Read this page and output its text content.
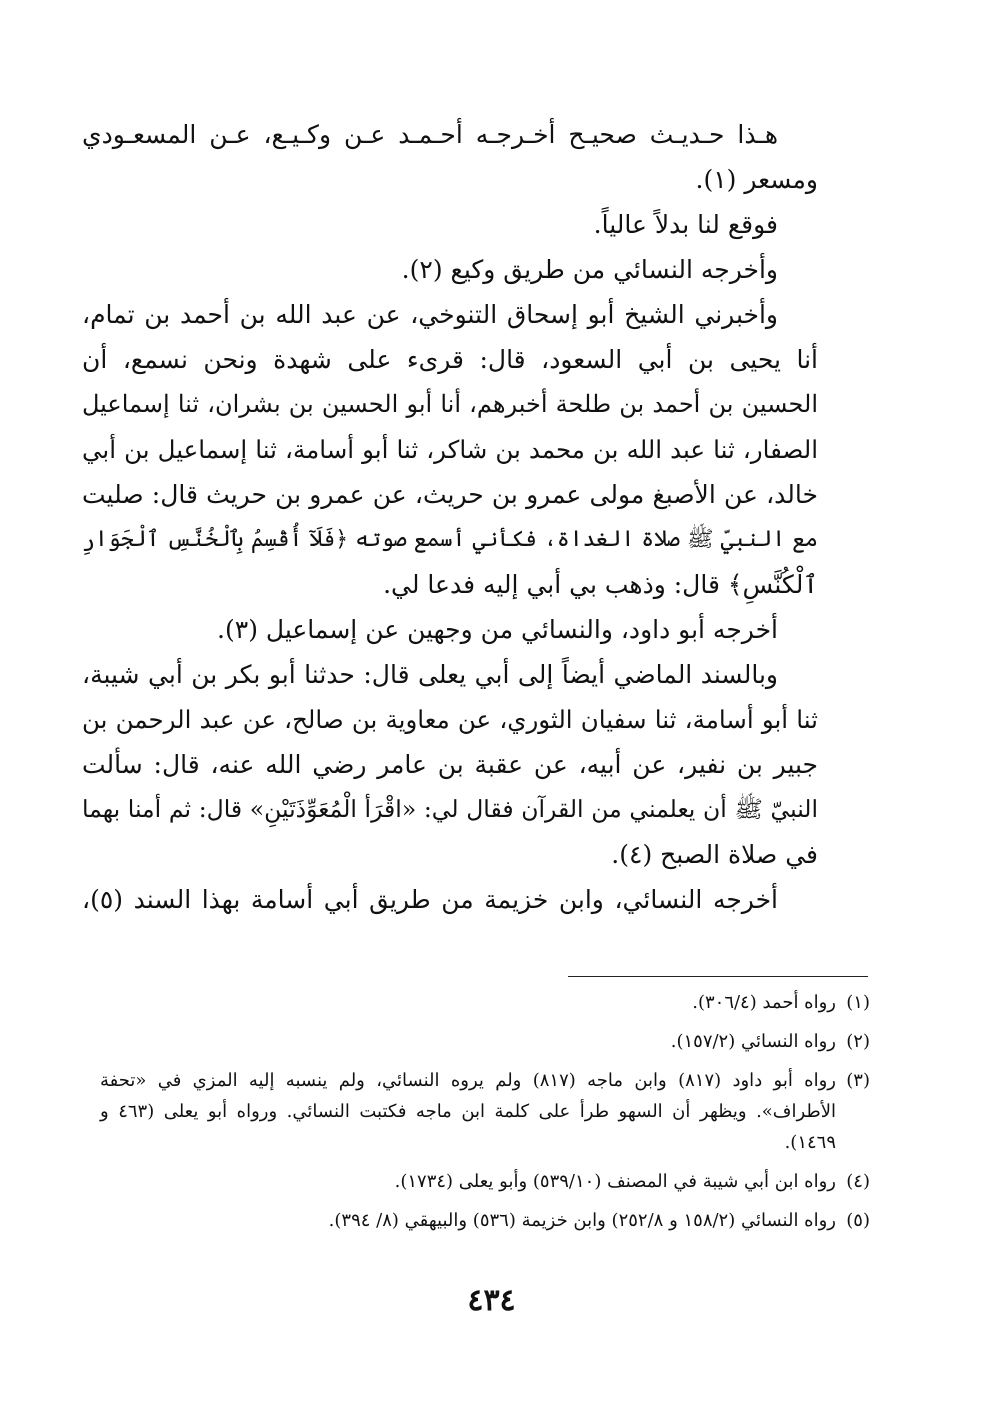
هـذا حـديـث صحيـح أخـرجـه أحـمـد عـن وكـيـع، عـن المسعـودي
ومسعر (١).
فوقع لنا بدلاً عالياً.
وأخرجه النسائي من طريق وكيع (٢).
وأخبرني الشيخ أبو إسحاق التنوخي، عن عبد الله بن أحمد بن تمام،
أنا يحيى بن أبي السعود، قال: قرىء على شهدة ونحن نسمع، أن
الحسين بن أحمد بن طلحة أخبرهم، أنا أبو الحسين بن بشران، ثنا إسماعيل
الصفار، ثنا عبد الله بن محمد بن شاكر، ثنا أبو أسامة، ثنا إسماعيل بن أبي
خالد، عن الأصبغ مولى عمرو بن حريث، عن عمرو بن حريث قال: صليت
مع النبيّ ﷺ صلاة الغداة، فكأني أسمع صوته ﴿فَلَآ أُقْسِمُ بِٱلْخُنَّسِ ٱلْجَوَارِ
ٱلْكُنَّسِ﴾ قال: وذهب بي أبي إليه فدعا لي.
أخرجه أبو داود، والنسائي من وجهين عن إسماعيل (٣).
وبالسند الماضي أيضاً إلى أبي يعلى قال: حدثنا أبو بكر بن أبي شيبة،
ثنا أبو أسامة، ثنا سفيان الثوري، عن معاوية بن صالح، عن عبد الرحمن بن
جبير بن نفير، عن أبيه، عن عقبة بن عامر رضي الله عنه، قال: سألت
النبيّ ﷺ أن يعلمني من القرآن فقال لي: «اقْرَأ الْمُعَوِّذَتَيْنِ» قال: ثم أمنا بهما
في صلاة الصبح (٤).
أخرجه النسائي، وابن خزيمة من طريق أبي أسامة بهذا السند (٥)،
(١)
رواه أحمد (٣٠٦/٤).
(٢)
رواه النسائي (١٥٧/٢).
(٣)
رواه أبو داود (٨١٧) وابن ماجه (٨١٧) ولم يروه النسائي، ولم ينسبه إليه المزي في «تحفة الأطراف». ويظهر أن السهو طرأ على كلمة ابن ماجه فكتبت النسائي. ورواه أبو يعلى (٤٦٣ و ١٤٦٩).
(٤)
رواه ابن أبي شيبة في المصنف (٥٣٩/١٠) وأبو يعلى (١٧٣٤).
(٥)
رواه النسائي (١٥٨/٢ و ٢٥٢/٨) وابن خزيمة (٥٣٦) والبيهقي (٨/ ٣٩٤).
٤٣٤
